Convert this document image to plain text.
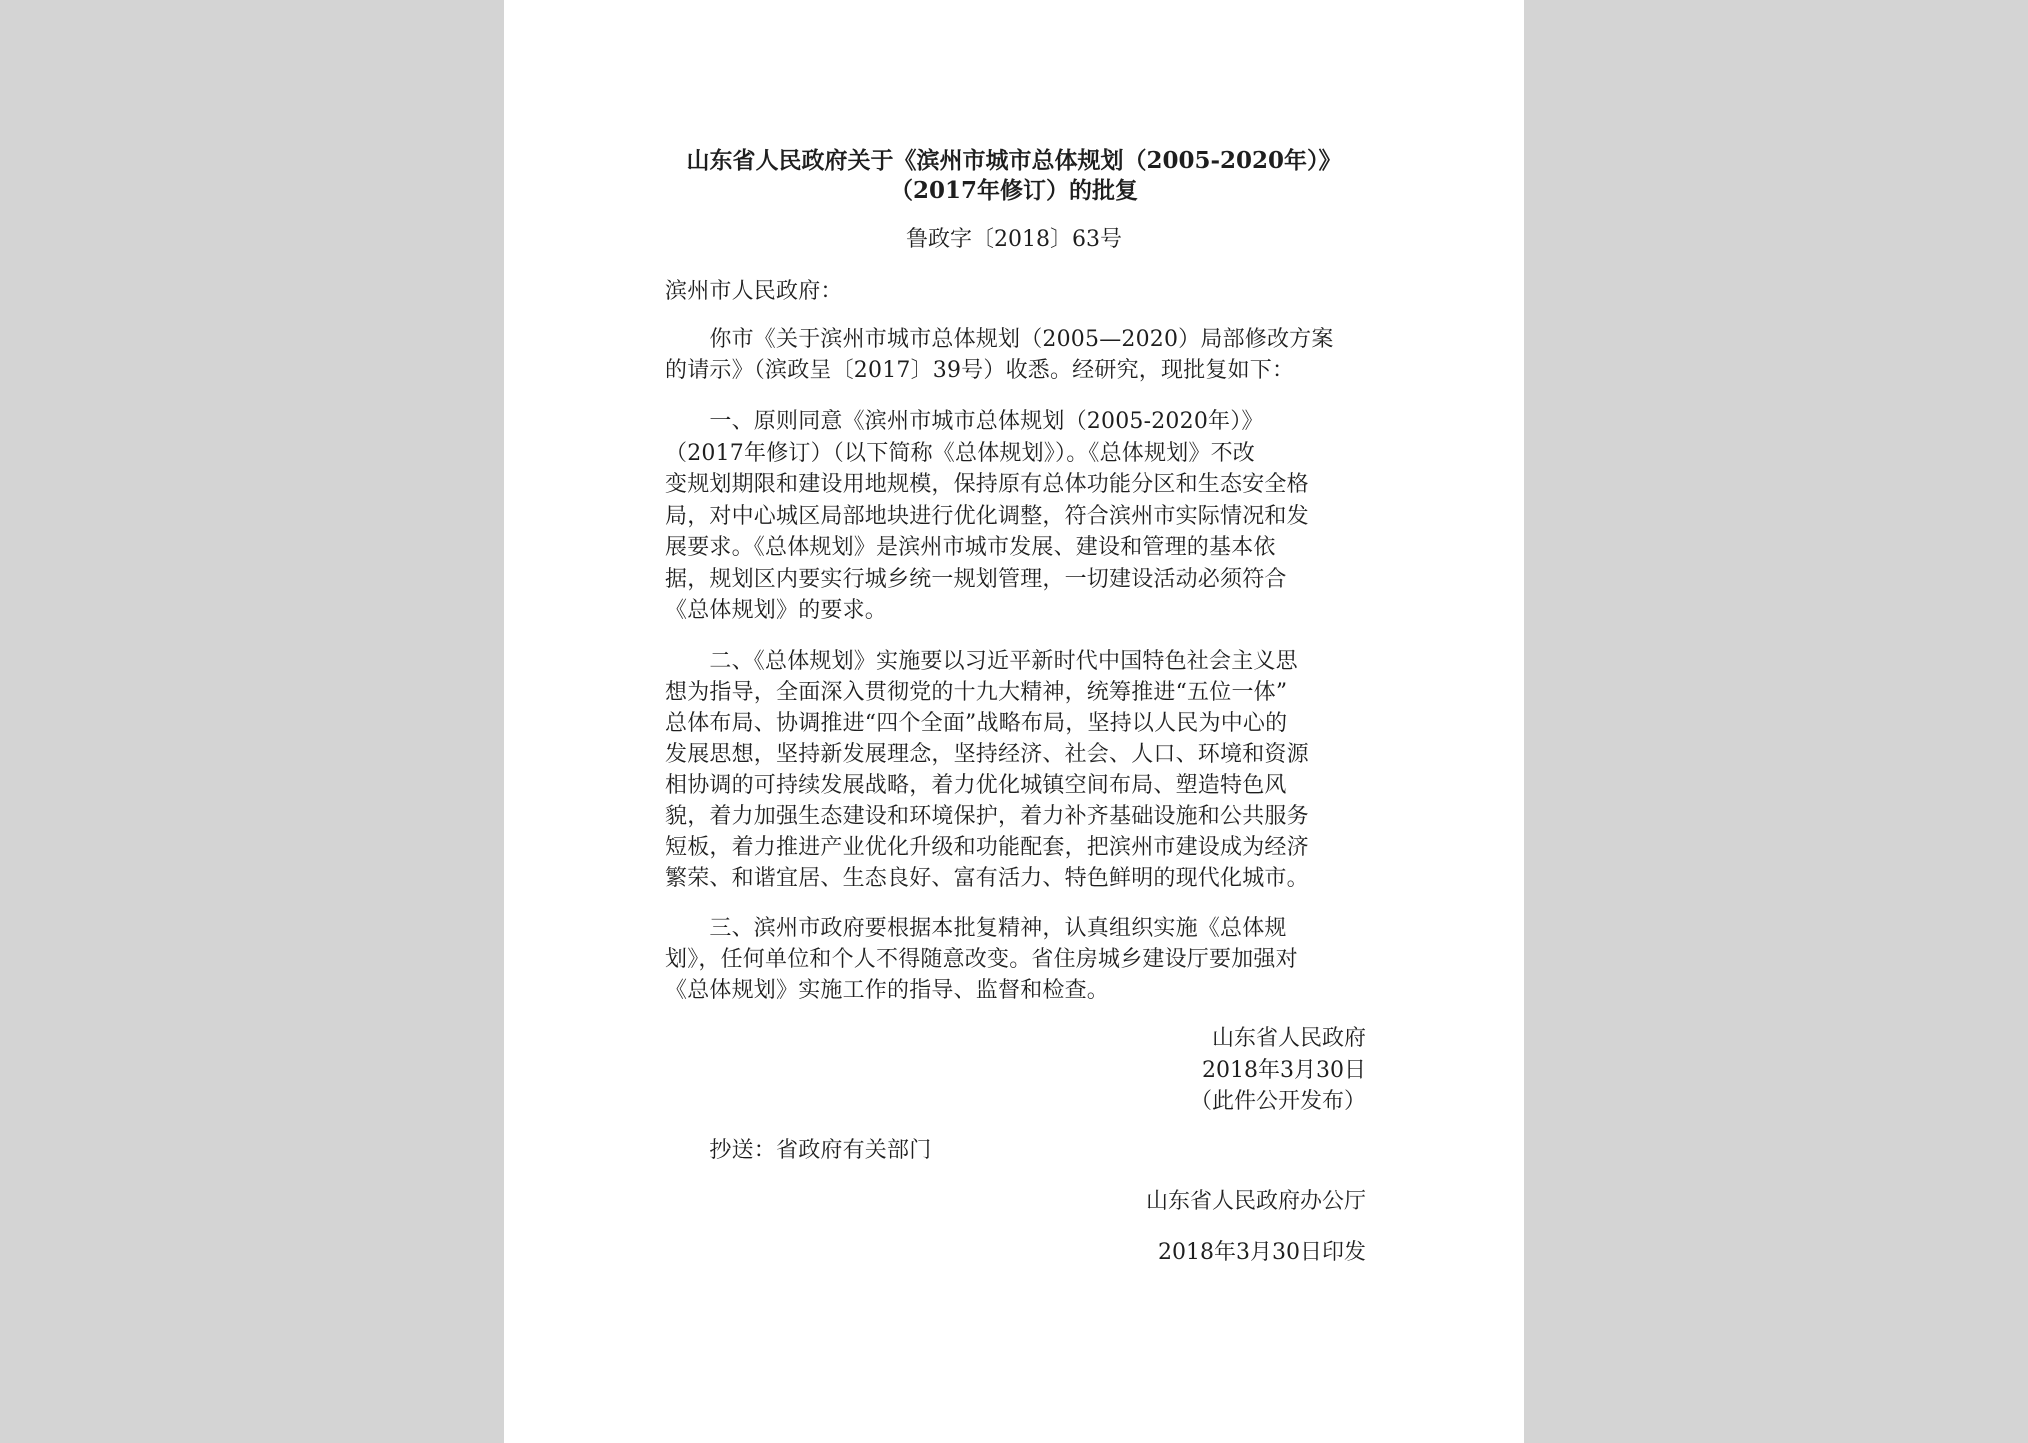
山东省人民政府关于《滨州市城市总体规划（2005-2020年）》
（2017年修订）的批复
鲁政字〔2018〕63号
滨州市人民政府：
　　你市《关于滨州市城市总体规划（2005—2020）局部修改方案
的请示》（滨政呈〔2017〕39号）收悉。经研究，现批复如下：
　　一、原则同意《滨州市城市总体规划（2005-2020年）》
（2017年修订）（以下简称《总体规划》）。《总体规划》不改
变规划期限和建设用地规模，保持原有总体功能分区和生态安全格
局，对中心城区局部地块进行优化调整，符合滨州市实际情况和发
展要求。《总体规划》是滨州市城市发展、建设和管理的基本依
据，规划区内要实行城乡统一规划管理，一切建设活动必须符合
《总体规划》的要求。
　　二、《总体规划》实施要以习近平新时代中国特色社会主义思
想为指导，全面深入贯彻党的十九大精神，统筹推进“五位一体”
总体布局、协调推进“四个全面”战略布局，坚持以人民为中心的
发展思想，坚持新发展理念，坚持经济、社会、人口、环境和资源
相协调的可持续发展战略，着力优化城镇空间布局、塑造特色风
貌，着力加强生态建设和环境保护，着力补齐基础设施和公共服务
短板，着力推进产业优化升级和功能配套，把滨州市建设成为经济
繁荣、和谐宜居、生态良好、富有活力、特色鲜明的现代化城市。
　　三、滨州市政府要根据本批复精神，认真组织实施《总体规
划》，任何单位和个人不得随意改变。省住房城乡建设厅要加强对
《总体规划》实施工作的指导、监督和检查。
山东省人民政府
2018年3月30日
（此件公开发布）
　　抄送：省政府有关部门
山东省人民政府办公厅
2018年3月30日印发
